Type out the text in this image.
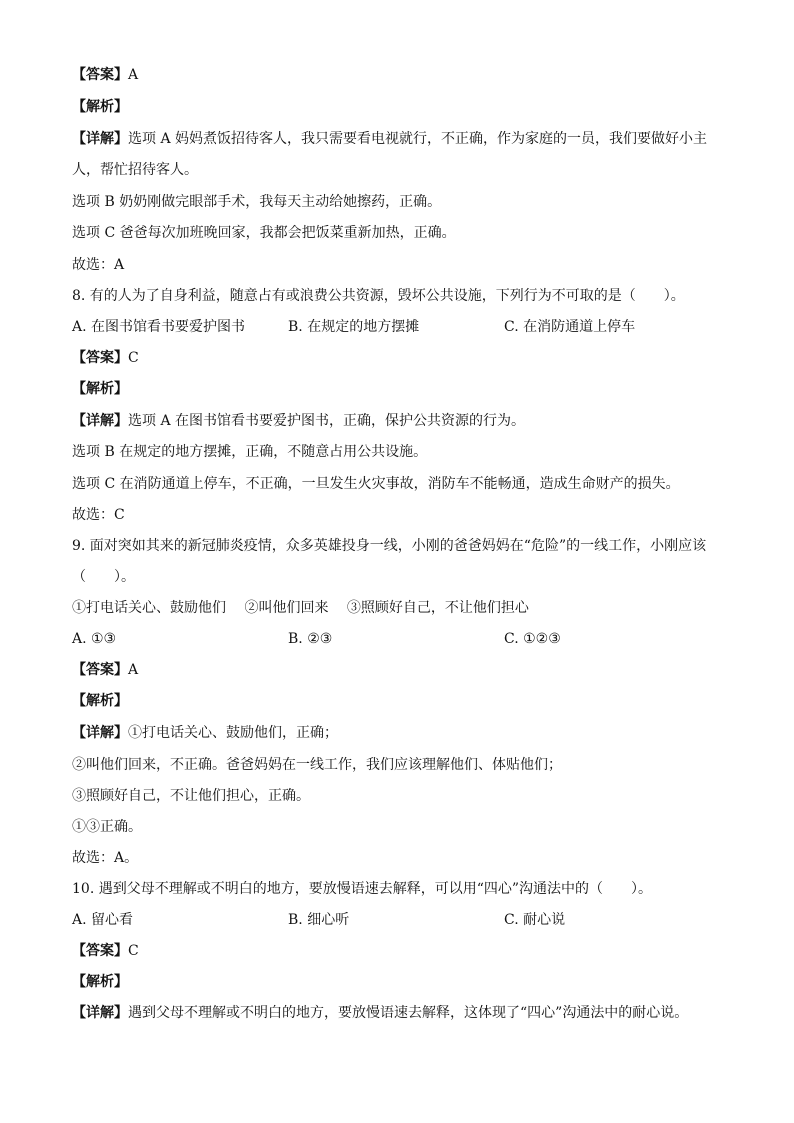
【答案】A
【解析】
【详解】选项 A 妈妈煮饭招待客人，我只需要看电视就行，不正确，作为家庭的一员，我们要做好小主
人，帮忙招待客人。
选项 B 奶奶刚做完眼部手术，我每天主动给她擦药，正确。
选项 C 爸爸每次加班晚回家，我都会把饭菜重新加热，正确。
故选：A
8. 有的人为了自身利益，随意占有或浪费公共资源，毁坏公共设施，下列行为不可取的是（　　）。
A. 在图书馆看书要爱护图书	B. 在规定的地方摆摊	C. 在消防通道上停车
【答案】C
【解析】
【详解】选项 A 在图书馆看书要爱护图书，正确，保护公共资源的行为。
选项 B 在规定的地方摆摊，正确，不随意占用公共设施。
选项 C 在消防通道上停车，不正确，一旦发生火灾事故，消防车不能畅通，造成生命财产的损失。
故选：C
9. 面对突如其来的新冠肺炎疫情，众多英雄投身一线，小刚的爸爸妈妈在“危险”的一线工作，小刚应该
（　　）。
①打电话关心、鼓励他们　 ②叫他们回来　 ③照顾好自己，不让他们担心
A. ①③	B. ②③	C. ①②③
【答案】A
【解析】
【详解】①打电话关心、鼓励他们，正确；
②叫他们回来，不正确。爸爸妈妈在一线工作，我们应该理解他们、体贴他们；
③照顾好自己，不让他们担心，正确。
①③正确。
故选：A。
10. 遇到父母不理解或不明白的地方，要放慢语速去解释，可以用“四心”沟通法中的（　　）。
A. 留心看	B. 细心听	C. 耐心说
【答案】C
【解析】
【详解】遇到父母不理解或不明白的地方，要放慢语速去解释，这体现了“四心”沟通法中的耐心说。
